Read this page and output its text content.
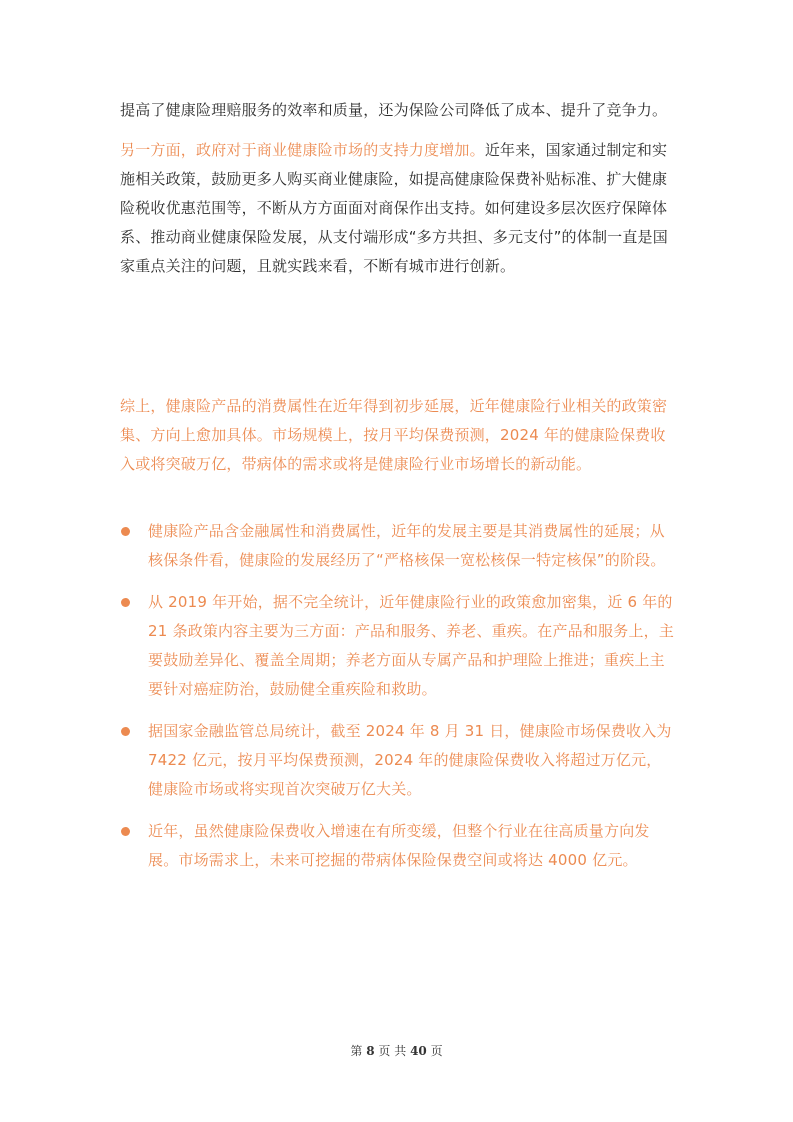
提高了健康险理赔服务的效率和质量，还为保险公司降低了成本、提升了竞争力。

另一方面，政府对于商业健康险市场的支持力度增加。近年来，国家通过制定和实施相关政策，鼓励更多人购买商业健康险，如提高健康险保费补贴标准、扩大健康险税收优惠范围等，不断从方方面面对商保作出支持。如何建设多层次医疗保障体系、推动商业健康保险发展，从支付端形成“多方共担、多元支付”的体制一直是国家重点关注的问题，且就实践来看，不断有城市进行创新。

综上，健康险产品的消费属性在近年得到初步延展，近年健康险行业相关的政策密集、方向上愈加具体。市场规模上，按月平均保费预测，2024 年的健康险保费收入或将突破万亿，带病体的需求或将是健康险行业市场增长的新动能。

健康险产品含金融属性和消费属性，近年的发展主要是其消费属性的延展；从核保条件看，健康险的发展经历了“严格核保一宽松核保一特定核保”的阶段。
从 2019 年开始，据不完全统计，近年健康险行业的政策愈加密集，近 6 年的 21 条政策内容主要为三方面：产品和服务、养老、重疾。在产品和服务上，主要鼓励差异化、覆盖全周期；养老方面从专属产品和护理险上推进；重疾上主要针对癌症防治，鼓励健全重疾险和救助。
据国家金融监管总局统计，截至 2024 年 8 月 31 日，健康险市场保费收入为 7422 亿元，按月平均保费预测，2024 年的健康险保费收入将超过万亿元，健康险市场或将实现首次突破万亿大关。
近年，虽然健康险保费收入增速在有所变缓，但整个行业在往高质量方向发展。市场需求上，未来可挖掘的带病体保险保费空间或将达 4000 亿元。
第 8 页 共 40 页
